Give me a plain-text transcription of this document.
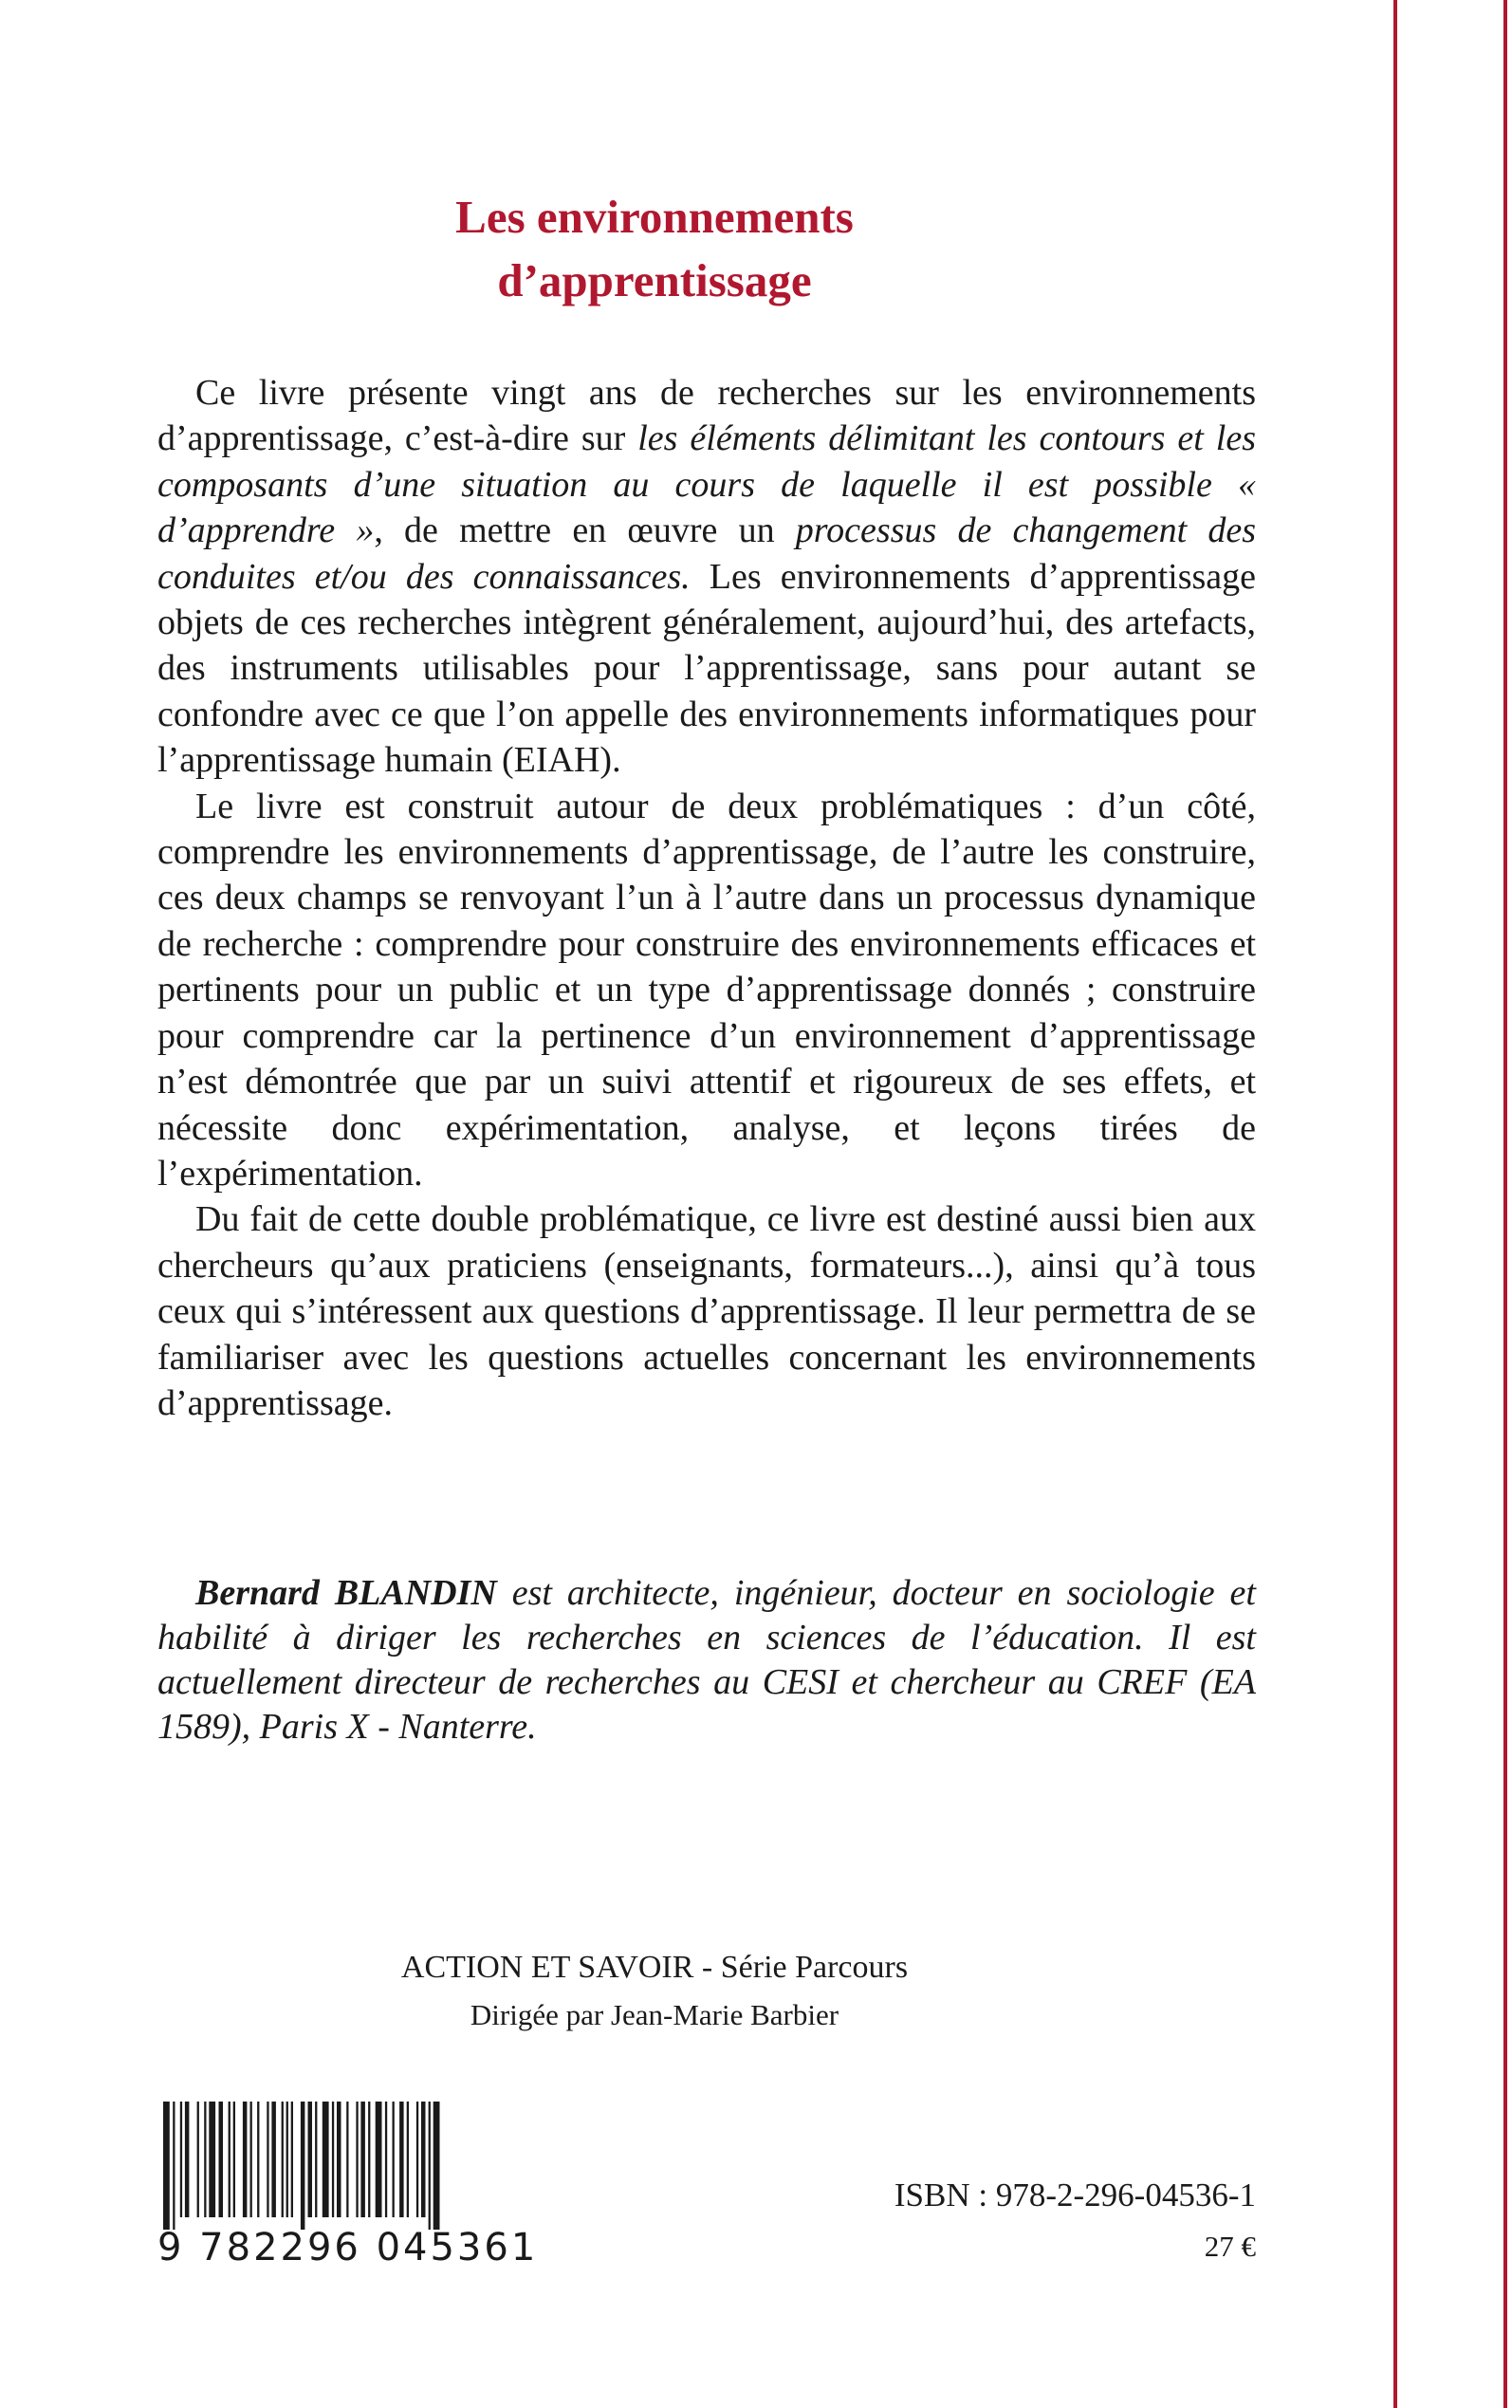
Les environnements
d’apprentissage

Ce livre présente vingt ans de recherches sur les environnements d’apprentissage, c’est-à-dire sur les éléments délimitant les contours et les composants d’une situation au cours de laquelle il est possible « d’apprendre », de mettre en œuvre un processus de changement des conduites et/ou des connaissances. Les environnements d’apprentissage objets de ces recherches intègrent généralement, aujourd’hui, des artefacts, des instruments utilisables pour l’apprentissage, sans pour autant se confondre avec ce que l’on appelle des environnements informatiques pour l’apprentissage humain (EIAH).

Le livre est construit autour de deux problématiques : d’un côté, comprendre les environnements d’apprentissage, de l’autre les construire, ces deux champs se renvoyant l’un à l’autre dans un processus dynamique de recherche : comprendre pour construire des environnements efficaces et pertinents pour un public et un type d’apprentissage donnés ; construire pour comprendre car la pertinence d’un environnement d’apprentissage n’est démontrée que par un suivi attentif et rigoureux de ses effets, et nécessite donc expérimentation, analyse, et leçons tirées de l’expérimentation.

Du fait de cette double problématique, ce livre est destiné aussi bien aux chercheurs qu’aux praticiens (enseignants, formateurs...), ainsi qu’à tous ceux qui s’intéressent aux questions d’apprentissage. Il leur permettra de se familiariser avec les questions actuelles concernant les environnements d’apprentissage.

Bernard BLANDIN est architecte, ingénieur, docteur en sociologie et habilité à diriger les recherches en sciences de l’éducation. Il est actuellement directeur de recherches au CESI et chercheur au CREF (EA 1589), Paris X - Nanterre.
ACTION ET SAVOIR - Série Parcours
Dirigée par Jean-Marie Barbier
9 782296 045361
ISBN : 978-2-296-04536-1
27 €
